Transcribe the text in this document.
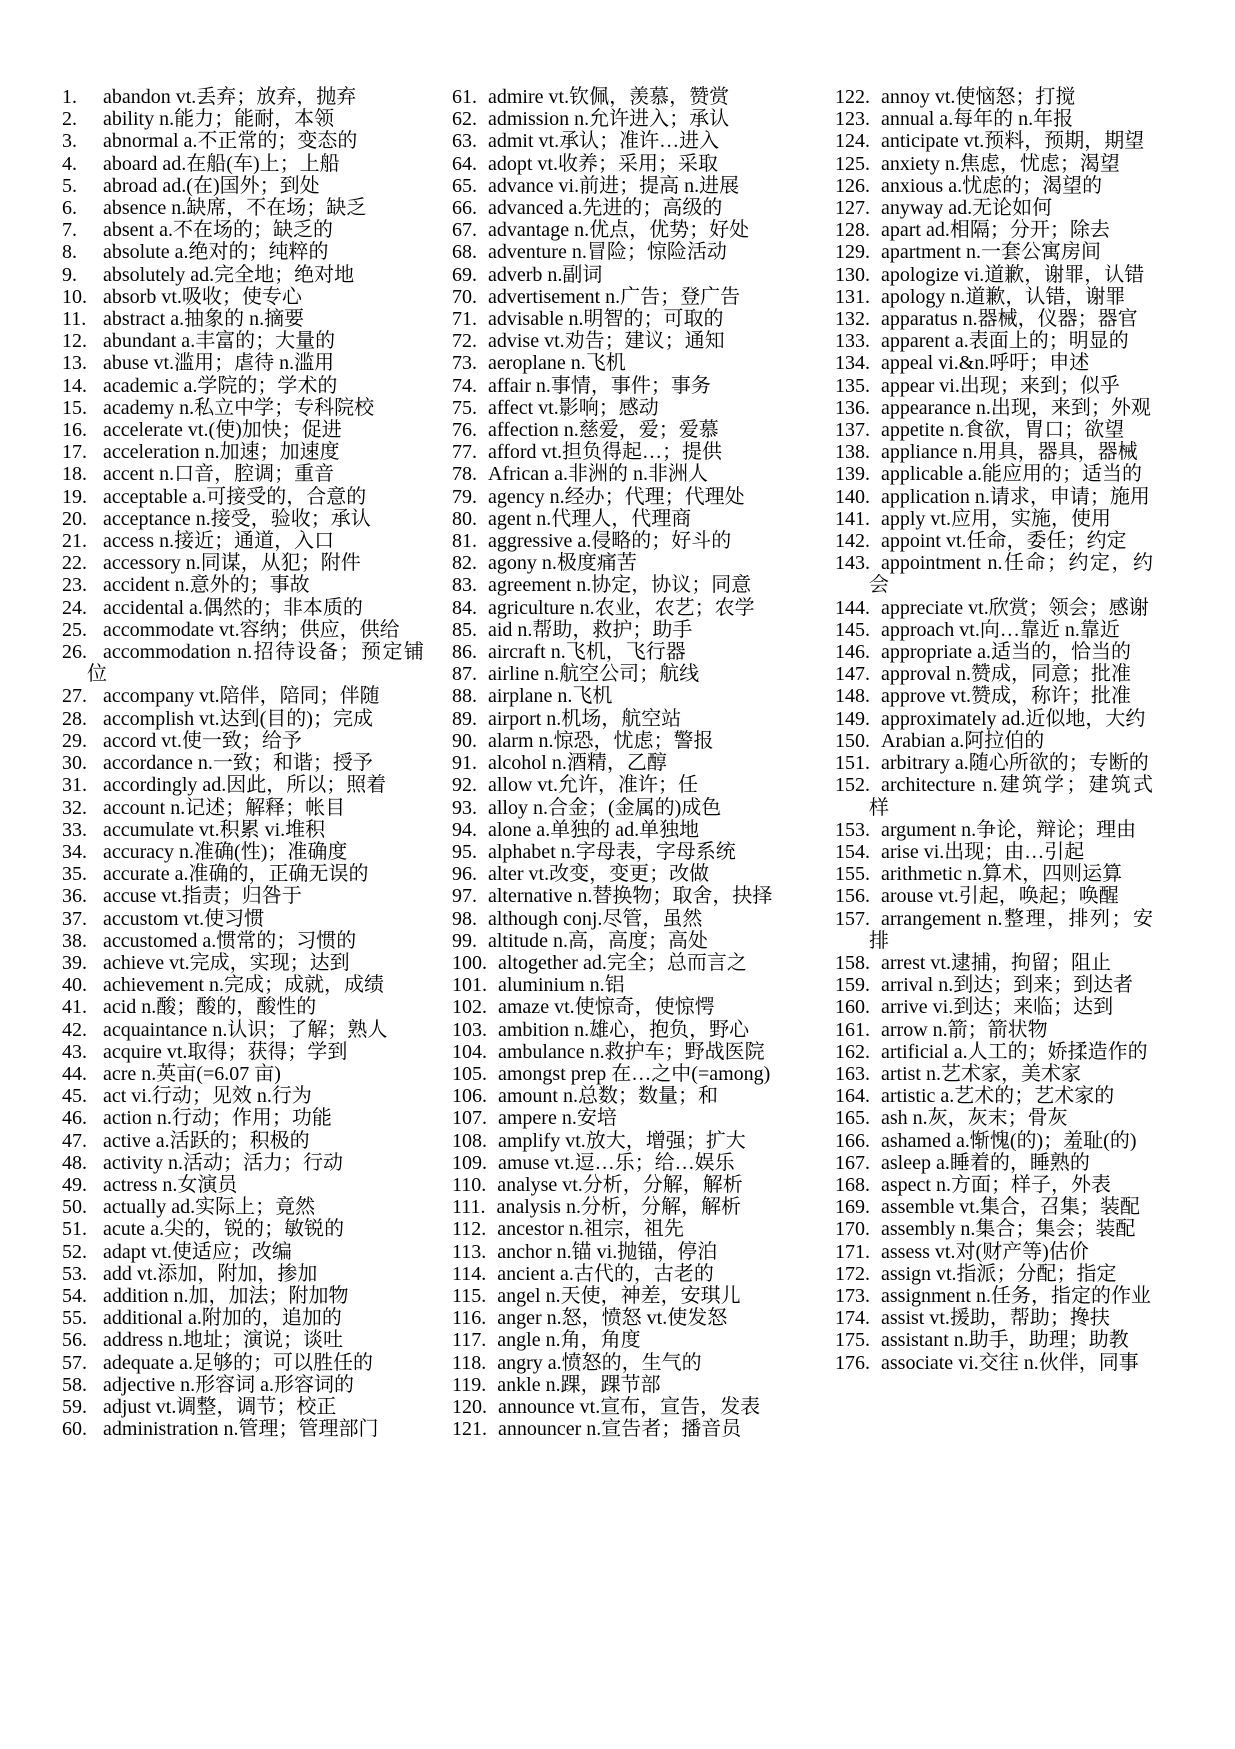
1. abandon vt.丢弃；放弃，抛弃
2. ability n.能力；能耐，本领
3. abnormal a.不正常的；变态的
4. aboard ad.在船(车)上；上船
5. abroad ad.(在)国外；到处
6. absence n.缺席，不在场；缺乏
7. absent a.不在场的；缺乏的
8. absolute a.绝对的；纯粹的
9. absolutely ad.完全地；绝对地
10. absorb vt.吸收；使专心
11. abstract a.抽象的 n.摘要
12. abundant a.丰富的；大量的
13. abuse vt.滥用；虐待 n.滥用
14. academic a.学院的；学术的
15. academy n.私立中学；专科院校
16. accelerate vt.(使)加快；促进
17. acceleration n.加速；加速度
18. accent n.口音，腔调；重音
19. acceptable a.可接受的，合意的
20. acceptance n.接受，验收；承认
21. access n.接近；通道，入口
22. accessory n.同谋，从犯；附件
23. accident n.意外的；事故
24. accidental a.偶然的；非本质的
25. accommodate vt.容纳；供应，供给
26. accommodation n.招待设备；预定铺位
27. accompany vt.陪伴，陪同；伴随
28. accomplish vt.达到(目的)；完成
29. accord vt.使一致；给予
30. accordance n.一致；和谐；授予
31. accordingly ad.因此，所以；照着
32. account n.记述；解释；帐目
33. accumulate vt.积累 vi.堆积
34. accuracy n.准确(性)；准确度
35. accurate a.准确的，正确无误的
36. accuse vt.指责；归咎于
37. accustom vt.使习惯
38. accustomed a.惯常的；习惯的
39. achieve vt.完成，实现；达到
40. achievement n.完成；成就，成绩
41. acid n.酸；酸的，酸性的
42. acquaintance n.认识；了解；熟人
43. acquire vt.取得；获得；学到
44. acre n.英亩(=6.07 亩)
45. act vi.行动；见效 n.行为
46. action n.行动；作用；功能
47. active a.活跃的；积极的
48. activity n.活动；活力；行动
49. actress n.女演员
50. actually ad.实际上；竟然
51. acute a.尖的，锐的；敏锐的
52. adapt vt.使适应；改编
53. add vt.添加，附加，掺加
54. addition n.加，加法；附加物
55. additional a.附加的，追加的
56. address n.地址；演说；谈吐
57. adequate a.足够的；可以胜任的
58. adjective n.形容词 a.形容词的
59. adjust vt.调整，调节；校正
60. administration n.管理；管理部门
61. admire vt.钦佩，羡慕，赞赏
62. admission n.允许进入；承认
63. admit vt.承认；准许…进入
64. adopt vt.收养；采用；采取
65. advance vi.前进；提高 n.进展
66. advanced a.先进的；高级的
67. advantage n.优点，优势；好处
68. adventure n.冒险；惊险活动
69. adverb n.副词
70. advertisement n.广告；登广告
71. advisable n.明智的；可取的
72. advise vt.劝告；建议；通知
73. aeroplane n.飞机
74. affair n.事情，事件；事务
75. affect vt.影响；感动
76. affection n.慈爱，爱；爱慕
77. afford vt.担负得起…；提供
78. African a.非洲的 n.非洲人
79. agency n.经办；代理；代理处
80. agent n.代理人，代理商
81. aggressive a.侵略的；好斗的
82. agony n.极度痛苦
83. agreement n.协定，协议；同意
84. agriculture n.农业，农艺；农学
85. aid n.帮助，救护；助手
86. aircraft n.飞机，飞行器
87. airline n.航空公司；航线
88. airplane n.飞机
89. airport n.机场，航空站
90. alarm n.惊恐，忧虑；警报
91. alcohol n.酒精，乙醇
92. allow vt.允许，准许；任
93. alloy n.合金；(金属的)成色
94. alone a.单独的 ad.单独地
95. alphabet n.字母表，字母系统
96. alter vt.改变，变更；改做
97. alternative n.替换物；取舍，抉择
98. although conj.尽管，虽然
99. altitude n.高，高度；高处
100. altogether ad.完全；总而言之
101. aluminium n.铝
102. amaze vt.使惊奇，使惊愕
103. ambition n.雄心，抱负，野心
104. ambulance n.救护车；野战医院
105. amongst prep 在…之中(=among)
106. amount n.总数；数量；和
107. ampere n.安培
108. amplify vt.放大，增强；扩大
109. amuse vt.逗…乐；给…娱乐
110. analyse vt.分析，分解，解析
111. analysis n.分析，分解，解析
112. ancestor n.祖宗，祖先
113. anchor n.锚 vi.抛锚，停泊
114. ancient a.古代的，古老的
115. angel n.天使，神差，安琪儿
116. anger n.怒，愤怒 vt.使发怒
117. angle n.角，角度
118. angry a.愤怒的，生气的
119. ankle n.踝，踝节部
120. announce vt.宣布，宣告，发表
121. announcer n.宣告者；播音员
122. annoy vt.使恼怒；打搅
123. annual a.每年的 n.年报
124. anticipate vt.预料，预期，期望
125. anxiety n.焦虑，忧虑；渴望
126. anxious a.忧虑的；渴望的
127. anyway ad.无论如何
128. apart ad.相隔；分开；除去
129. apartment n.一套公寓房间
130. apologize vi.道歉，谢罪，认错
131. apology n.道歉，认错，谢罪
132. apparatus n.器械，仪器；器官
133. apparent a.表面上的；明显的
134. appeal vi.&n.呼吁；申述
135. appear vi.出现；来到；似乎
136. appearance n.出现，来到；外观
137. appetite n.食欲，胃口；欲望
138. appliance n.用具，器具，器械
139. applicable a.能应用的；适当的
140. application n.请求，申请；施用
141. apply vt.应用，实施，使用
142. appoint vt.任命，委任；约定
143. appointment n.任命；约定，约会
144. appreciate vt.欣赏；领会；感谢
145. approach vt.向…靠近 n.靠近
146. appropriate a.适当的，恰当的
147. approval n.赞成，同意；批准
148. approve vt.赞成，称许；批准
149. approximately ad.近似地，大约
150. Arabian a.阿拉伯的
151. arbitrary a.随心所欲的；专断的
152. architecture n.建筑学；建筑式样
153. argument n.争论，辩论；理由
154. arise vi.出现；由…引起
155. arithmetic n.算术，四则运算
156. arouse vt.引起，唤起；唤醒
157. arrangement n.整理，排列；安排
158. arrest vt.逮捕，拘留；阻止
159. arrival n.到达；到来；到达者
160. arrive vi.到达；来临；达到
161. arrow n.箭；箭状物
162. artificial a.人工的；娇揉造作的
163. artist n.艺术家，美术家
164. artistic a.艺术的；艺术家的
165. ash n.灰，灰末；骨灰
166. ashamed a.惭愧(的)；羞耻(的)
167. asleep a.睡着的，睡熟的
168. aspect n.方面；样子，外表
169. assemble vt.集合，召集；装配
170. assembly n.集合；集会；装配
171. assess vt.对(财产等)估价
172. assign vt.指派；分配；指定
173. assignment n.任务，指定的作业
174. assist vt.援助，帮助；搀扶
175. assistant n.助手，助理；助教
176. associate vi.交往 n.伙伴，同事
